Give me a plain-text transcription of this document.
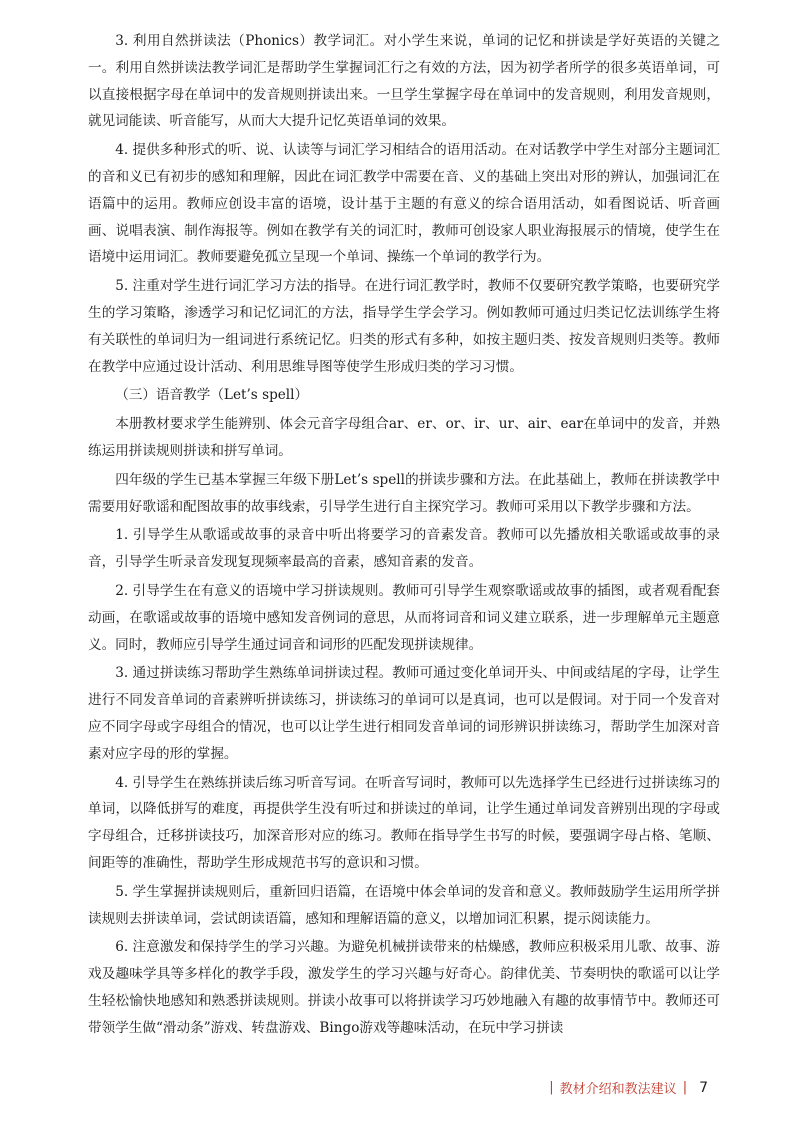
3. 利用自然拼读法（Phonics）教学词汇。对小学生来说，单词的记忆和拼读是学好英语的关键之一。利用自然拼读法教学词汇是帮助学生掌握词汇行之有效的方法，因为初学者所学的很多英语单词，可以直接根据字母在单词中的发音规则拼读出来。一旦学生掌握字母在单词中的发音规则，利用发音规则，就见词能读、听音能写，从而大大提升记忆英语单词的效果。

4. 提供多种形式的听、说、认读等与词汇学习相结合的语用活动。在对话教学中学生对部分主题词汇的音和义已有初步的感知和理解，因此在词汇教学中需要在音、义的基础上突出对形的辨认，加强词汇在语篇中的运用。教师应创设丰富的语境，设计基于主题的有意义的综合语用活动，如看图说话、听音画画、说唱表演、制作海报等。例如在教学有关的词汇时，教师可创设家人职业海报展示的情境，使学生在语境中运用词汇。教师要避免孤立呈现一个单词、操练一个单词的教学行为。

5. 注重对学生进行词汇学习方法的指导。在进行词汇教学时，教师不仅要研究教学策略，也要研究学生的学习策略，渗透学习和记忆词汇的方法，指导学生学会学习。例如教师可通过归类记忆法训练学生将有关联性的单词归为一组词进行系统记忆。归类的形式有多种，如按主题归类、按发音规则归类等。教师在教学中应通过设计活动、利用思维导图等使学生形成归类的学习习惯。

（三）语音教学（Let’s spell）

本册教材要求学生能辨别、体会元音字母组合ar、er、or、ir、ur、air、ear在单词中的发音，并熟练运用拼读规则拼读和拼写单词。

四年级的学生已基本掌握三年级下册Let’s spell的拼读步骤和方法。在此基础上，教师在拼读教学中需要用好歌谣和配图故事的故事线索，引导学生进行自主探究学习。教师可采用以下教学步骤和方法。

1. 引导学生从歌谣或故事的录音中听出将要学习的音素发音。教师可以先播放相关歌谣或故事的录音，引导学生听录音发现复现频率最高的音素，感知音素的发音。

2. 引导学生在有意义的语境中学习拼读规则。教师可引导学生观察歌谣或故事的插图，或者观看配套动画，在歌谣或故事的语境中感知发音例词的意思，从而将词音和词义建立联系，进一步理解单元主题意义。同时，教师应引导学生通过词音和词形的匹配发现拼读规律。

3. 通过拼读练习帮助学生熟练单词拼读过程。教师可通过变化单词开头、中间或结尾的字母，让学生进行不同发音单词的音素辨听拼读练习，拼读练习的单词可以是真词，也可以是假词。对于同一个发音对应不同字母或字母组合的情况，也可以让学生进行相同发音单词的词形辨识拼读练习，帮助学生加深对音素对应字母的形的掌握。

4. 引导学生在熟练拼读后练习听音写词。在听音写词时，教师可以先选择学生已经进行过拼读练习的单词，以降低拼写的难度，再提供学生没有听过和拼读过的单词，让学生通过单词发音辨别出现的字母或字母组合，迁移拼读技巧，加深音形对应的练习。教师在指导学生书写的时候，要强调字母占格、笔顺、间距等的准确性，帮助学生形成规范书写的意识和习惯。

5. 学生掌握拼读规则后，重新回归语篇，在语境中体会单词的发音和意义。教师鼓励学生运用所学拼读规则去拼读单词，尝试朗读语篇，感知和理解语篇的意义，以增加词汇积累，提示阅读能力。

6. 注意激发和保持学生的学习兴趣。为避免机械拼读带来的枯燥感，教师应积极采用儿歌、故事、游戏及趣味学具等多样化的教学手段，激发学生的学习兴趣与好奇心。韵律优美、节奏明快的歌谣可以让学生轻松愉快地感知和熟悉拼读规则。拼读小故事可以将拼读学习巧妙地融入有趣的故事情节中。教师还可带领学生做“滑动条”游戏、转盘游戏、Bingo游戏等趣味活动，在玩中学习拼读

| 教材介绍和教法建议 | 7
